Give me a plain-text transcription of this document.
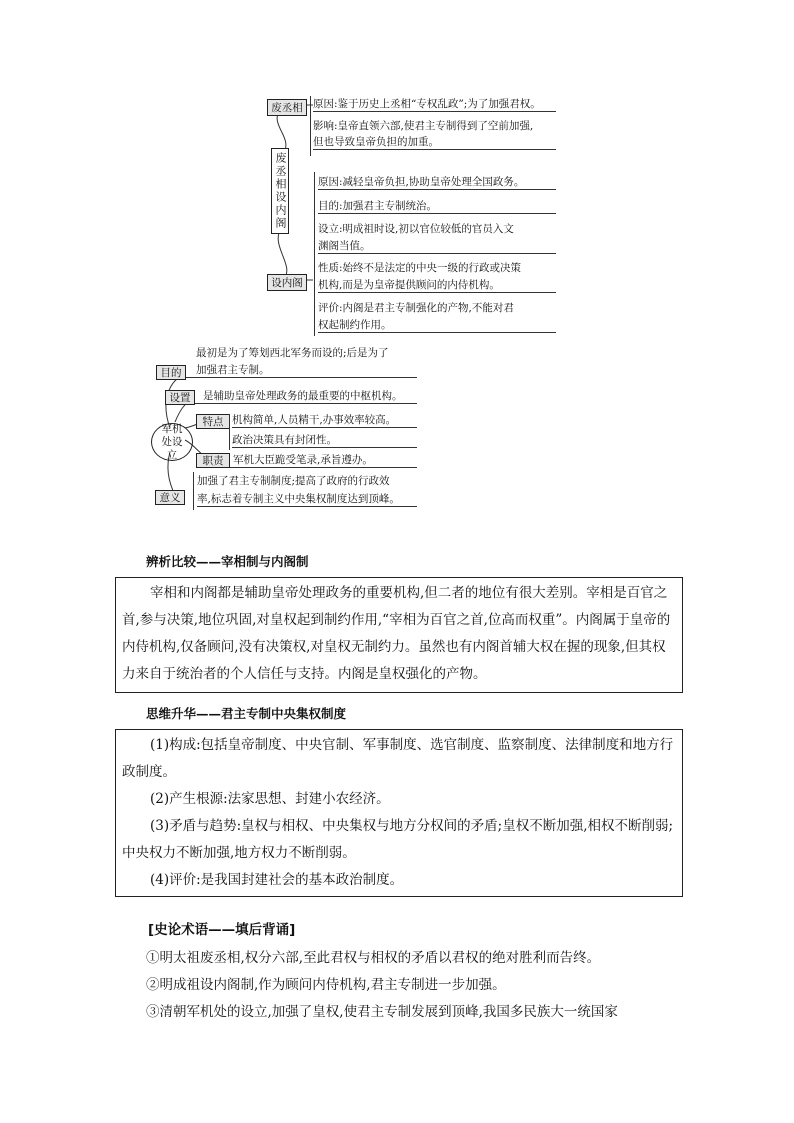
废丞相
废丞相设内阁
设内阁
原因:鉴于历史上丞相“专权乱政”;为了加强君权。
影响:皇帝直领六部,使君主专制得到了空前加强,
但也导致皇帝负担的加重。
原因:减轻皇帝负担,协助皇帝处理全国政务。
目的:加强君主专制统治。
设立:明成祖时设,初以官位较低的官员入文
渊阁当值。
性质:始终不是法定的中央一级的行政或决策
机构,而是为皇帝提供顾问的内侍机构。
评价:内阁是君主专制强化的产物,不能对君
权起制约作用。
军机处设立
目的
最初是为了筹划西北军务而设的;后是为了
加强君主专制。
设置	是辅助皇帝处理政务的最重要的中枢机构。
特点 机构简单,人员精干,办事效率较高。
政治决策具有封闭性。
职责 军机大臣跪受笔录,承旨遵办。
意义
加强了君主专制制度;提高了政府的行政效
率,标志着专制主义中央集权制度达到顶峰。
辨析比较——宰相制与内阁制
宰相和内阁都是辅助皇帝处理政务的重要机构,但二者的地位有很大差别。宰相是百官之首,参与决策,地位巩固,对皇权起到制约作用,“宰相为百官之首,位高而权重”。内阁属于皇帝的内侍机构,仅备顾问,没有决策权,对皇权无制约力。虽然也有内阁首辅大权在握的现象,但其权力来自于统治者的个人信任与支持。内阁是皇权强化的产物。
思维升华——君主专制中央集权制度
(1)构成:包括皇帝制度、中央官制、军事制度、选官制度、监察制度、法律制度和地方行政制度。
(2)产生根源:法家思想、封建小农经济。
(3)矛盾与趋势:皇权与相权、中央集权与地方分权间的矛盾;皇权不断加强,相权不断削弱;中央权力不断加强,地方权力不断削弱。
(4)评价:是我国封建社会的基本政治制度。
[史论术语——填后背诵]
①明太祖废丞相,权分六部,至此君权与相权的矛盾以君权的绝对胜利而告终。
②明成祖设内阁制,作为顾问内侍机构,君主专制进一步加强。
③清朝军机处的设立,加强了皇权,使君主专制发展到顶峰,我国多民族大一统国家
